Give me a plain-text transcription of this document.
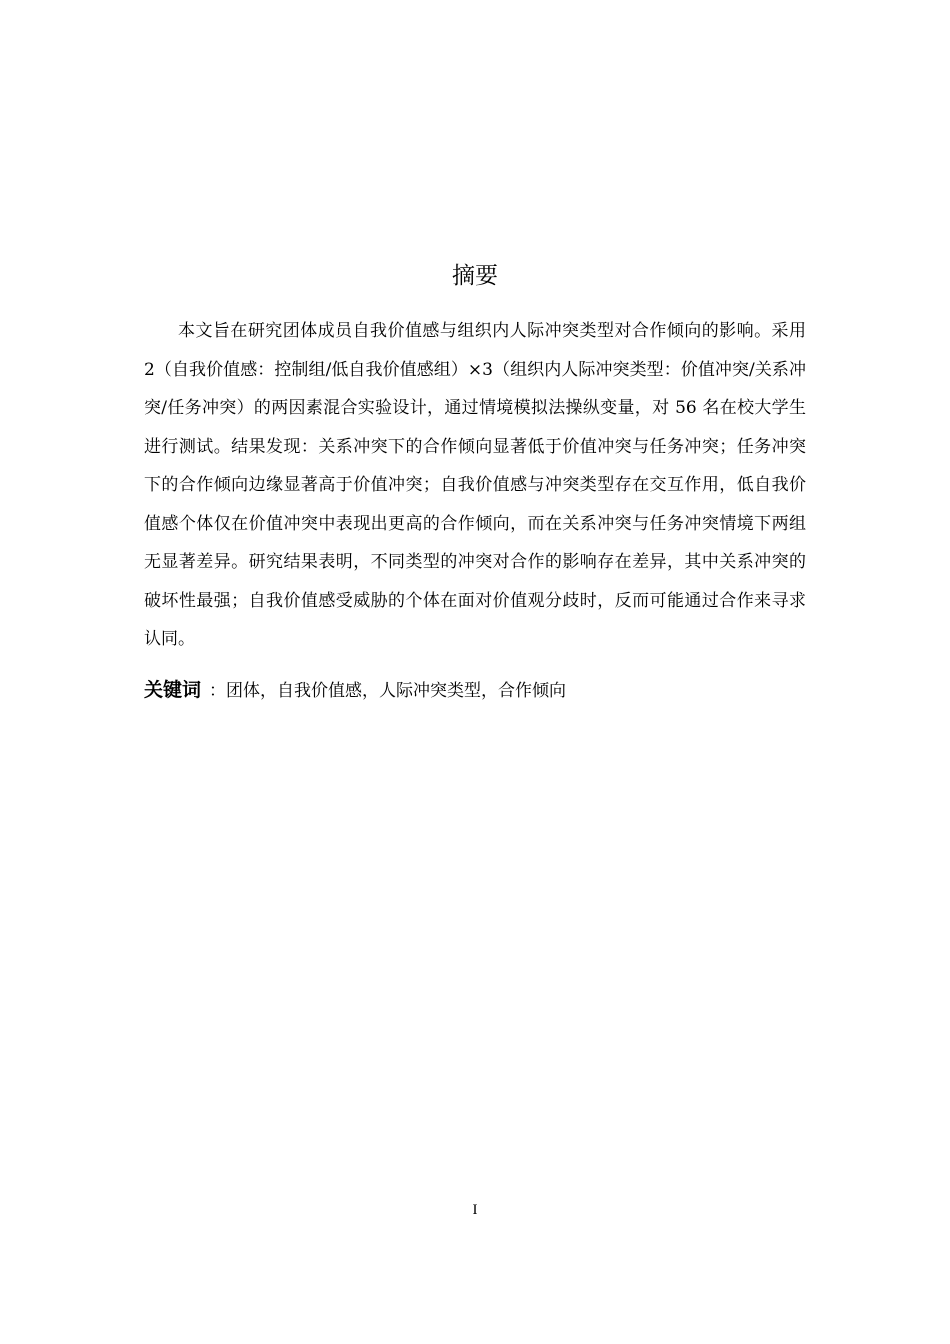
摘要

本文旨在研究团体成员自我价值感与组织内人际冲突类型对合作倾向的影响。采用 2（自我价值感：控制组/低自我价值感组）×3（组织内人际冲突类型：价值冲突/关系冲突/任务冲突）的两因素混合实验设计，通过情境模拟法操纵变量，对 56 名在校大学生进行测试。结果发现：关系冲突下的合作倾向显著低于价值冲突与任务冲突；任务冲突下的合作倾向边缘显著高于价值冲突；自我价值感与冲突类型存在交互作用，低自我价值感个体仅在价值冲突中表现出更高的合作倾向，而在关系冲突与任务冲突情境下两组无显著差异。研究结果表明，不同类型的冲突对合作的影响存在差异，其中关系冲突的破坏性最强；自我价值感受威胁的个体在面对价值观分歧时，反而可能通过合作来寻求认同。

关键词 ：团体，自我价值感，人际冲突类型，合作倾向
I
